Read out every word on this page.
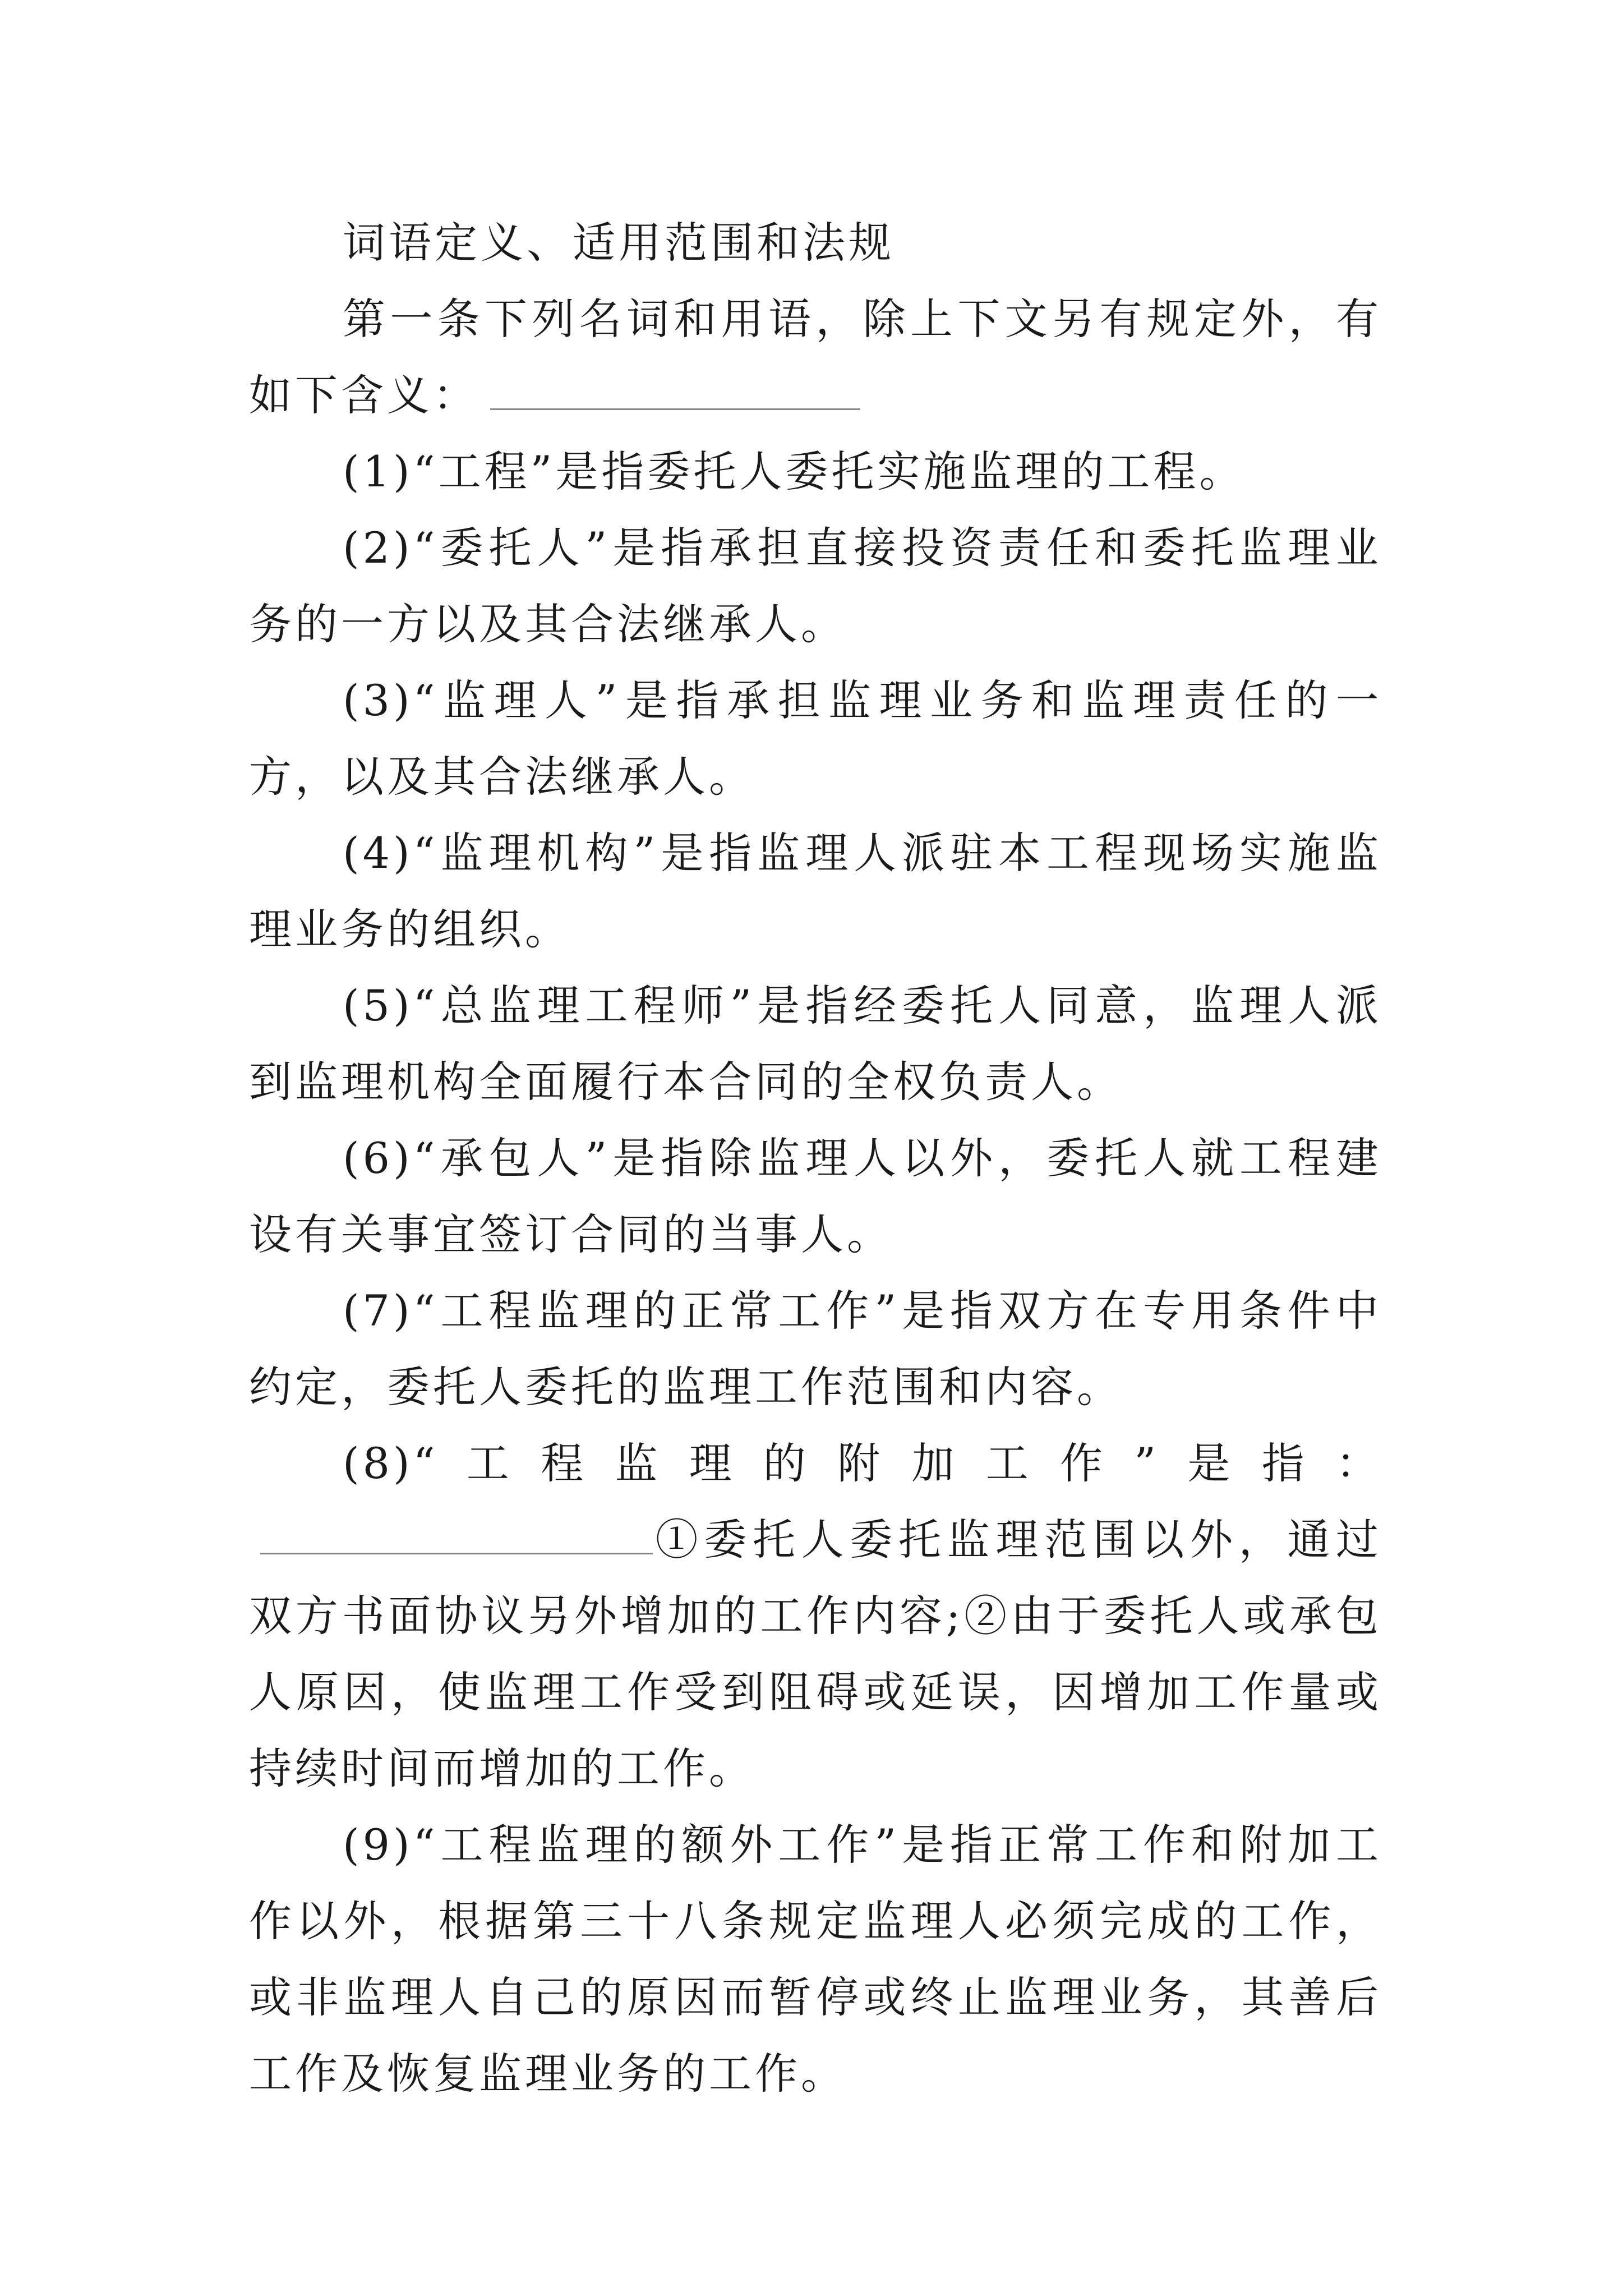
词语定义、适用范围和法规

第一条下列名词和用语，除上下文另有规定外，有如下含义：

(1)“工程”是指委托人委托实施监理的工程。

(2)“委托人”是指承担直接投资责任和委托监理业务的一方以及其合法继承人。

(3)“监理人”是指承担监理业务和监理责任的一方，以及其合法继承人。

(4)“监理机构”是指监理人派驻本工程现场实施监理业务的组织。

(5)“总监理工程师”是指经委托人同意，监理人派到监理机构全面履行本合同的全权负责人。

(6)“承包人”是指除监理人以外，委托人就工程建设有关事宜签订合同的当事人。

(7)“工程监理的正常工作”是指双方在专用条件中约定，委托人委托的监理工作范围和内容。

(8)“工程监理的附加工作”是指：①委托人委托监理范围以外，通过双方书面协议另外增加的工作内容;②由于委托人或承包人原因，使监理工作受到阻碍或延误，因增加工作量或持续时间而增加的工作。

(9)“工程监理的额外工作”是指正常工作和附加工作以外，根据第三十八条规定监理人必须完成的工作，或非监理人自己的原因而暂停或终止监理业务，其善后工作及恢复监理业务的工作。
